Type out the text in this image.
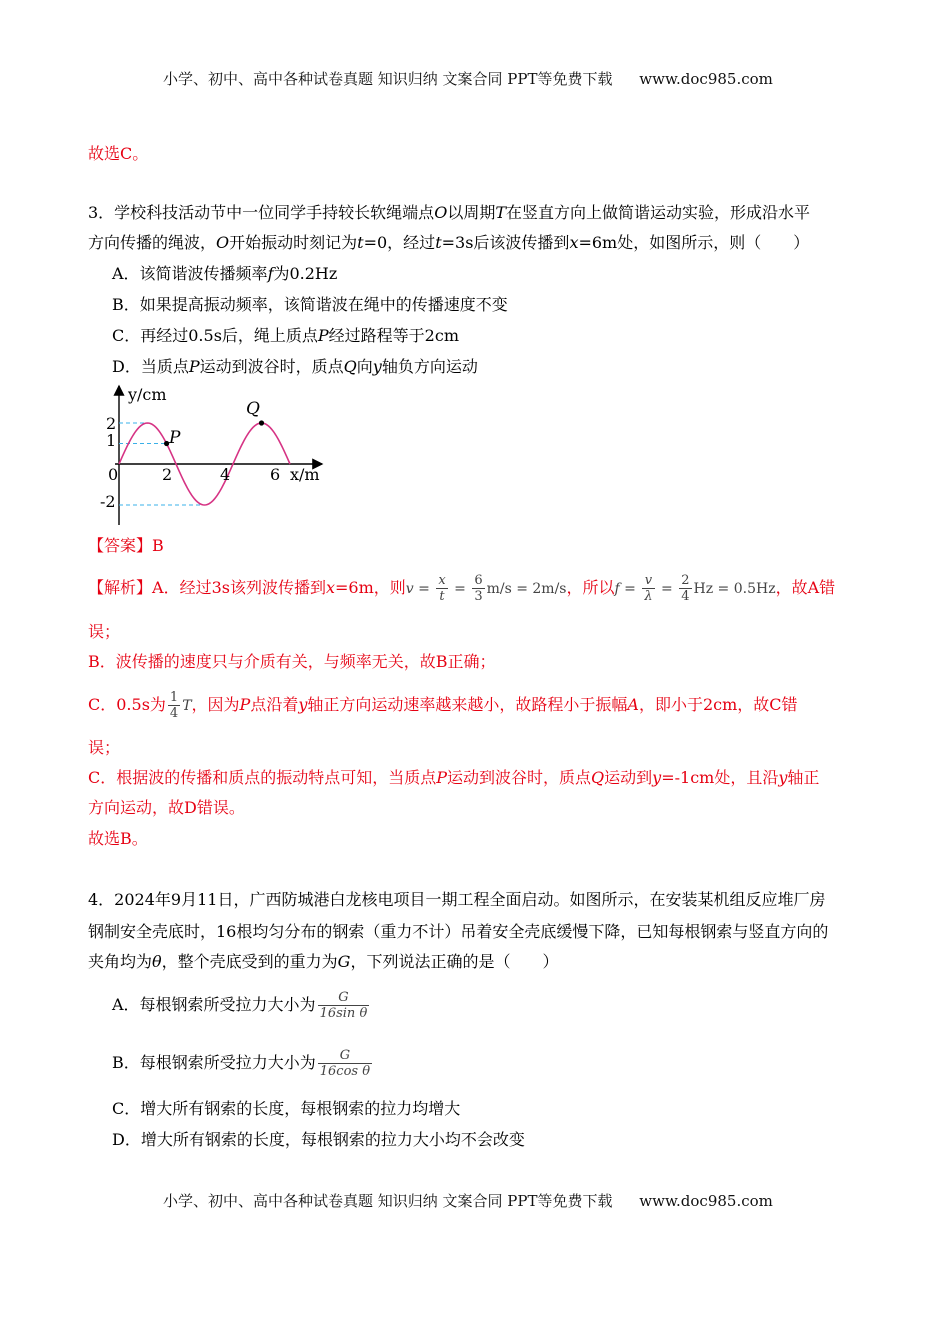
小学、初中、高中各种试卷真题 知识归纳 文案合同 PPT等免费下载 www.doc985.com
故选C。
3．学校科技活动节中一位同学手持较长软绳端点O以周期T在竖直方向上做简谐运动实验，形成沿水平
方向传播的绳波，O开始振动时刻记为t=0，经过t=3s后该波传播到x=6m处，如图所示，则（　　）
A．该简谐波传播频率f为0.2Hz
B．如果提高振动频率，该简谐波在绳中的传播速度不变
C．再经过0.5s后，绳上质点P经过路程等于2cm
D．当质点P运动到波谷时，质点Q向y轴负方向运动
y/cm
x/m
0	2	4 6
2
1
-2
P
Q
【答案】B
【解析】A．经过3s该列波传播到x=6m，则$v = \frac{x}{t} = \frac{6}{3} m/s = 2m/s$，所以$f = \frac{v}{\lambda} = \frac{2}{4}$ Hz = 0.5Hz，故A错
误；
B．波传播的速度只与介质有关，与频率无关，故B正确；
C．0.5s为 $\frac{1}{4}$ T，因为P点沿着y轴正方向运动速率越来越小，故路程小于振幅A，即小于2cm，故C错
误；
C．根据波的传播和质点的振动特点可知，当质点P运动到波谷时，质点Q运动到y=-1cm处，且沿y轴正
方向运动，故D错误。
故选B。
4．2024年9月11日，广西防城港白龙核电项目一期工程全面启动。如图所示，在安装某机组反应堆厂房
钢制安全壳底时，16根均匀分布的钢索（重力不计）吊着安全壳底缓慢下降，已知每根钢索与竖直方向的
夹角均为θ，整个壳底受到的重力为G，下列说法正确的是（　　）
A．每根钢索所受拉力大小为 $\frac{G}{\text{16sin θ}}$
B．每根钢索所受拉力大小为 $\frac{G}{\text{16cos θ}}$
C．增大所有钢索的长度，每根钢索的拉力均增大
D．增大所有钢索的长度，每根钢索的拉力大小均不会改变
小学、初中、高中各种试卷真题 知识归纳 文案合同 PPT等免费下载 www.doc985.com
